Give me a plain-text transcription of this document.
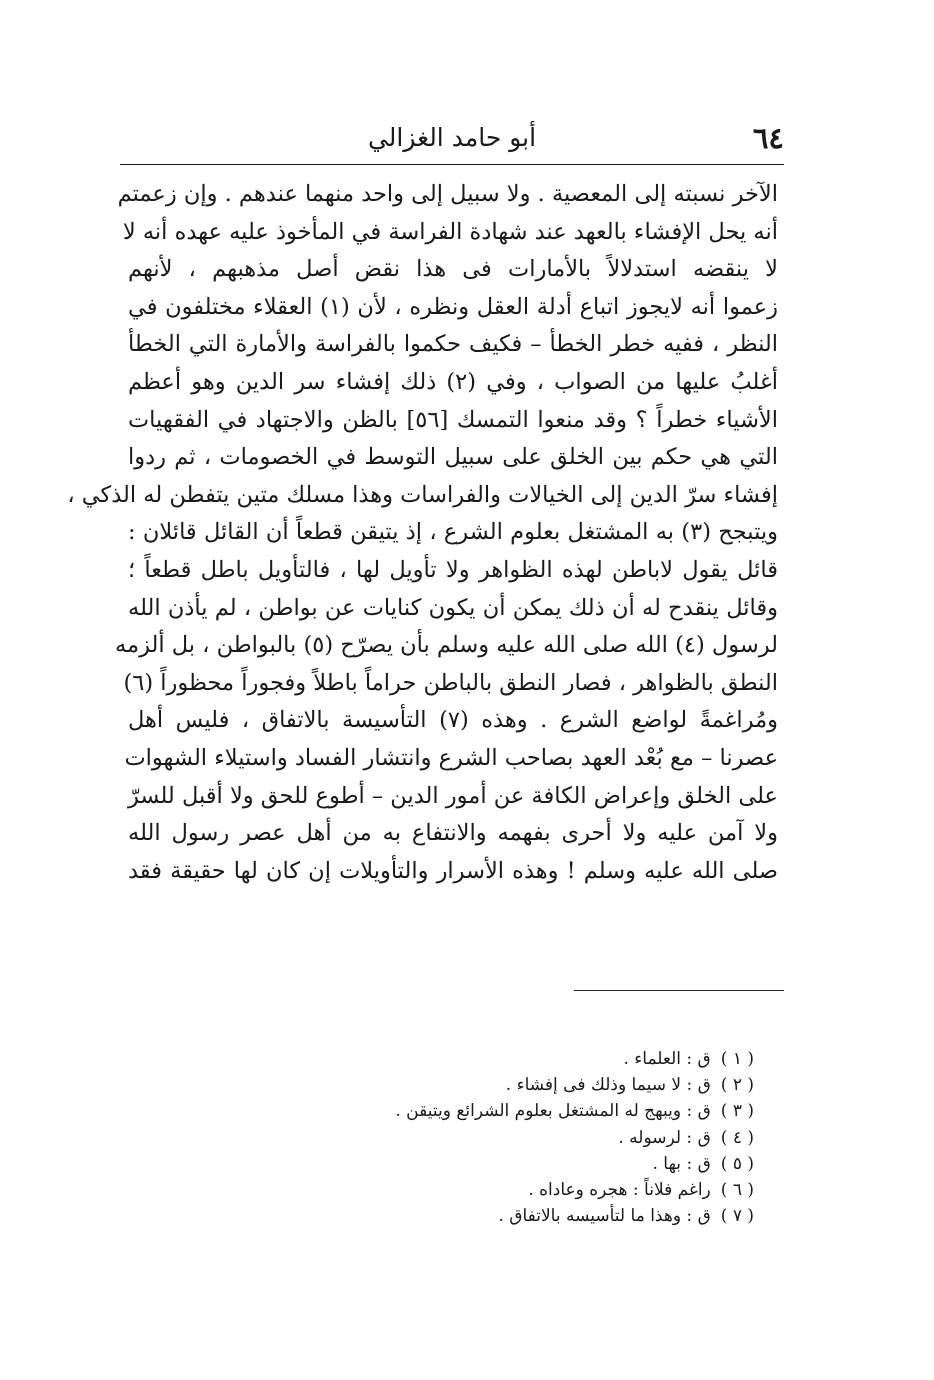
٦٤
أبو حامد الغزالي
الآخر نسبته إلى المعصية . ولا سبيل إلى واحد منهما عندهم . وإن زعمتم
أنه يحل الإفشاء بالعهد عند شهادة الفراسة في المأخوذ عليه عهده أنه لا
لا ينقضه استدلالاً بالأمارات فى هذا نقض أصل مذهبهم ، لأنهم
زعموا أنه لايجوز اتباع أدلة العقل ونظره ، لأن (١) العقلاء مختلفون في
النظر ، ففيه خطر الخطأ – فكيف حكموا بالفراسة والأمارة التي الخطأ
أغلبُ عليها من الصواب ، وفي (٢) ذلك إفشاء سر الدين وهو أعظم
الأشياء خطراً ؟ وقد منعوا التمسك [٥٦] بالظن والاجتهاد في الفقهيات
التي هي حكم بين الخلق على سبيل التوسط في الخصومات ، ثم ردوا
إفشاء سرّ الدين إلى الخيالات والفراسات وهذا مسلك متين يتفطن له الذكي ،
ويتبجح (٣) به المشتغل بعلوم الشرع ، إذ يتيقن قطعاً أن القائل قائلان :
قائل يقول لاباطن لهذه الظواهر ولا تأويل لها ، فالتأويل باطل قطعاً ؛
وقائل ينقدح له أن ذلك يمكن أن يكون كنايات عن بواطن ، لم يأذن الله
لرسول (٤) الله صلى الله عليه وسلم بأن يصرّح (٥) بالبواطن ، بل ألزمه
النطق بالظواهر ، فصار النطق بالباطن حراماً باطلاً وفجوراً محظوراً (٦)
ومُراغمةً لواضع الشرع . وهذه (٧) التأسيسة بالاتفاق ، فليس أهل
عصرنا – مع بُعْد العهد بصاحب الشرع وانتشار الفساد واستيلاء الشهوات
على الخلق وإعراض الكافة عن أمور الدين – أطوع للحق ولا أقبل للسرّ
ولا آمن عليه ولا أحرى بفهمه والانتفاع به من أهل عصر رسول الله
صلى الله عليه وسلم ! وهذه الأسرار والتأويلات إن كان لها حقيقة فقد
( ١ )ق : العلماء .
( ٢ )ق : لا سيما وذلك فى إفشاء .
( ٣ )ق : ويبهج له المشتغل بعلوم الشرائع ويتيقن .
( ٤ )ق : لرسوله .
( ٥ )ق : بها .
( ٦ )راغم فلاناً : هجره وعاداه .
( ٧ )ق : وهذا ما لتأسيسه بالاتفاق .
